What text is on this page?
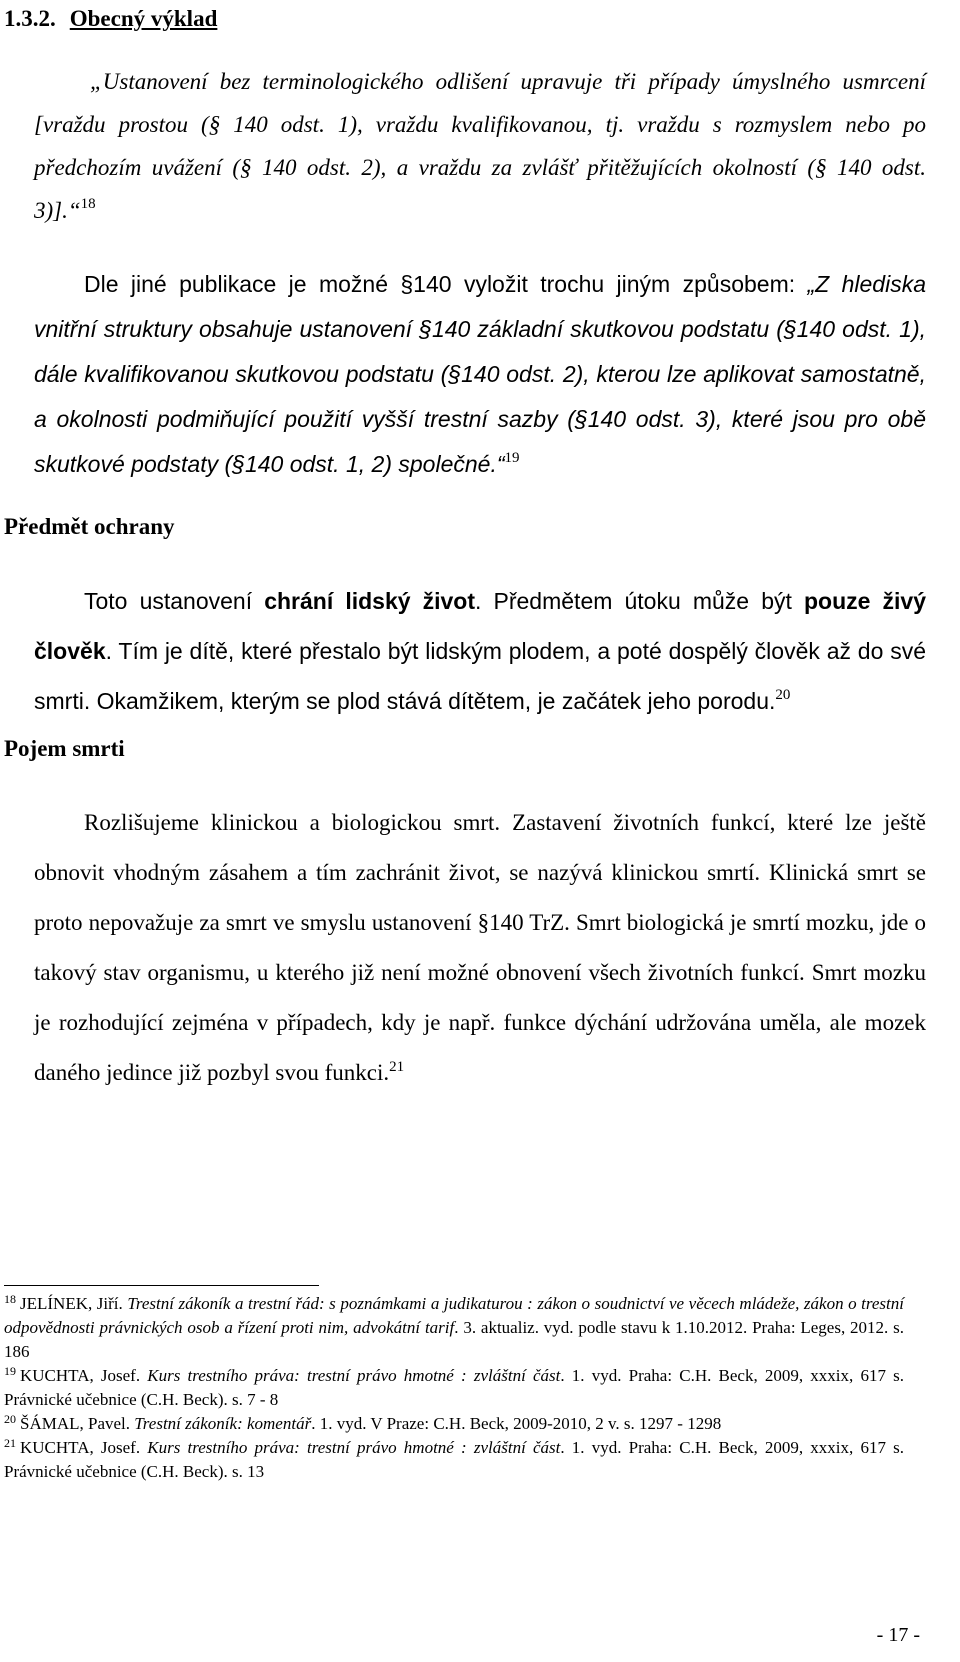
1.3.2. Obecný výklad
„Ustanovení bez terminologického odlišení upravuje tři případy úmyslného usmrcení [vraždu prostou (§ 140 odst. 1), vraždu kvalifikovanou, tj. vraždu s rozmyslem nebo po předchozím uvážení (§ 140 odst. 2), a vraždu za zvlášť přitěžujících okolností (§ 140 odst. 3)].“$^{18}$
Dle jiné publikace je možné §140 vyložit trochu jiným způsobem: „Z hlediska vnitřní struktury obsahuje ustanovení §140 základní skutkovou podstatu (§140 odst. 1), dále kvalifikovanou skutkovou podstatu (§140 odst. 2), kterou lze aplikovat samostatně, a okolnosti podmiňující použití vyšší trestní sazby (§140 odst. 3), které jsou pro obě skutkové podstaty (§140 odst. 1, 2) společné.“$^{19}$
Předmět ochrany
Toto ustanovení chrání lidský život. Předmětem útoku může být pouze živý člověk. Tím je dítě, které přestalo být lidským plodem, a poté dospělý člověk až do své smrti. Okamžikem, kterým se plod stává dítětem, je začátek jeho porodu.$^{20}$
Pojem smrti
Rozlišujeme klinickou a biologickou smrt. Zastavení životních funkcí, které lze ještě obnovit vhodným zásahem a tím zachránit život, se nazývá klinickou smrtí. Klinická smrt se proto nepovažuje za smrt ve smyslu ustanovení §140 TrZ. Smrt biologická je smrtí mozku, jde o takový stav organismu, u kterého již není možné obnovení všech životních funkcí. Smrt mozku je rozhodující zejména v případech, kdy je např. funkce dýchání udržována uměla, ale mozek daného jedince již pozbyl svou funkci.$^{21}$

$^{18}$ JELÍNEK, Jiří. Trestní zákoník a trestní řád: s poznámkami a judikaturou : zákon o soudnictví ve věcech mládeže, zákon o trestní odpovědnosti právnických osob a řízení proti nim, advokátní tarif. 3. aktualiz. vyd. podle stavu k 1.10.2012. Praha: Leges, 2012. s. 186

$^{19}$ KUCHTA, Josef. Kurs trestního práva: trestní právo hmotné : zvláštní část. 1. vyd. Praha: C.H. Beck, 2009, xxxix, 617 s. Právnické učebnice (C.H. Beck). s. 7 - 8

$^{20}$ ŠÁMAL, Pavel. Trestní zákoník: komentář. 1. vyd. V Praze: C.H. Beck, 2009-2010, 2 v. s. 1297 - 1298

$^{21}$ KUCHTA, Josef. Kurs trestního práva: trestní právo hmotné : zvláštní část. 1. vyd. Praha: C.H. Beck, 2009, xxxix, 617 s. Právnické učebnice (C.H. Beck). s. 13

- 17 -
